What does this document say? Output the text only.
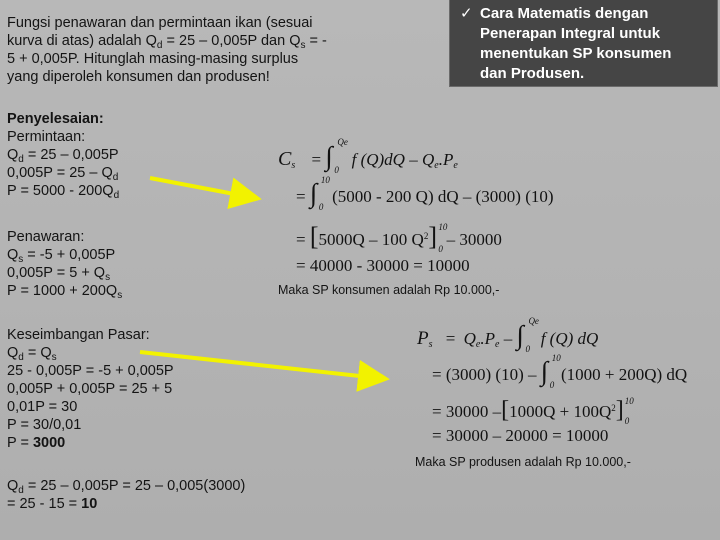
Fungsi penawaran dan permintaan ikan (sesuai
kurva di atas) adalah $Q_d = 25 - 0,005P$ dan $Q_s$ = -
5 + 0,005P. Hitunglah masing-masing surplus
yang diperoleh konsumen dan produsen!
✓ Cara Matematis dengan
Penerapan Integral untuk
menentukan SP konsumen
dan Produsen.
Penyelesaian:
Permintaan:
$Q_d = 25 - 0,005P$
$0,005P = 25 - Q_d$
$P = 5000 - 200Q_d$
Penawaran:
$Q_s = -5 + 0,005P$
$0,005P = 5 + Q_s$
$P = 1000 + 200Q_s$
Keseimbangan Pasar:
$Q_d = Q_s$
25 - 0,005P = -5 + 0,005P
0,005P + 0,005P = 25 + 5
0,01P = 30
P = 30/0,01
P = 3000
$Q_d = 25 - 0,005P = 25 - 0,005(3000)$
= 25 - 15 = 10
$C_s$ = ∫ Qe
0
f $(Q)dQ - Q_e.P_e$
= ∫ 10
0
(5000 - 200 Q) dQ – (3000) (10)
= [5000Q – 100 $Q^2$] 10
0 – 30000
= 40000 - 30000 = 10000
Maka SP konsumen adalah Rp 10.000,-
$P_s = Q_e.P_e$ – ∫ Qe
0
f (Q) dQ
= (3000) (10) – ∫ 10
0
(1000 + 200Q) dQ
= 30000 $-[1000Q + 100Q^2]$ 10
0
= 30000 – 20000 = 10000
Maka SP produsen adalah Rp 10.000,-
